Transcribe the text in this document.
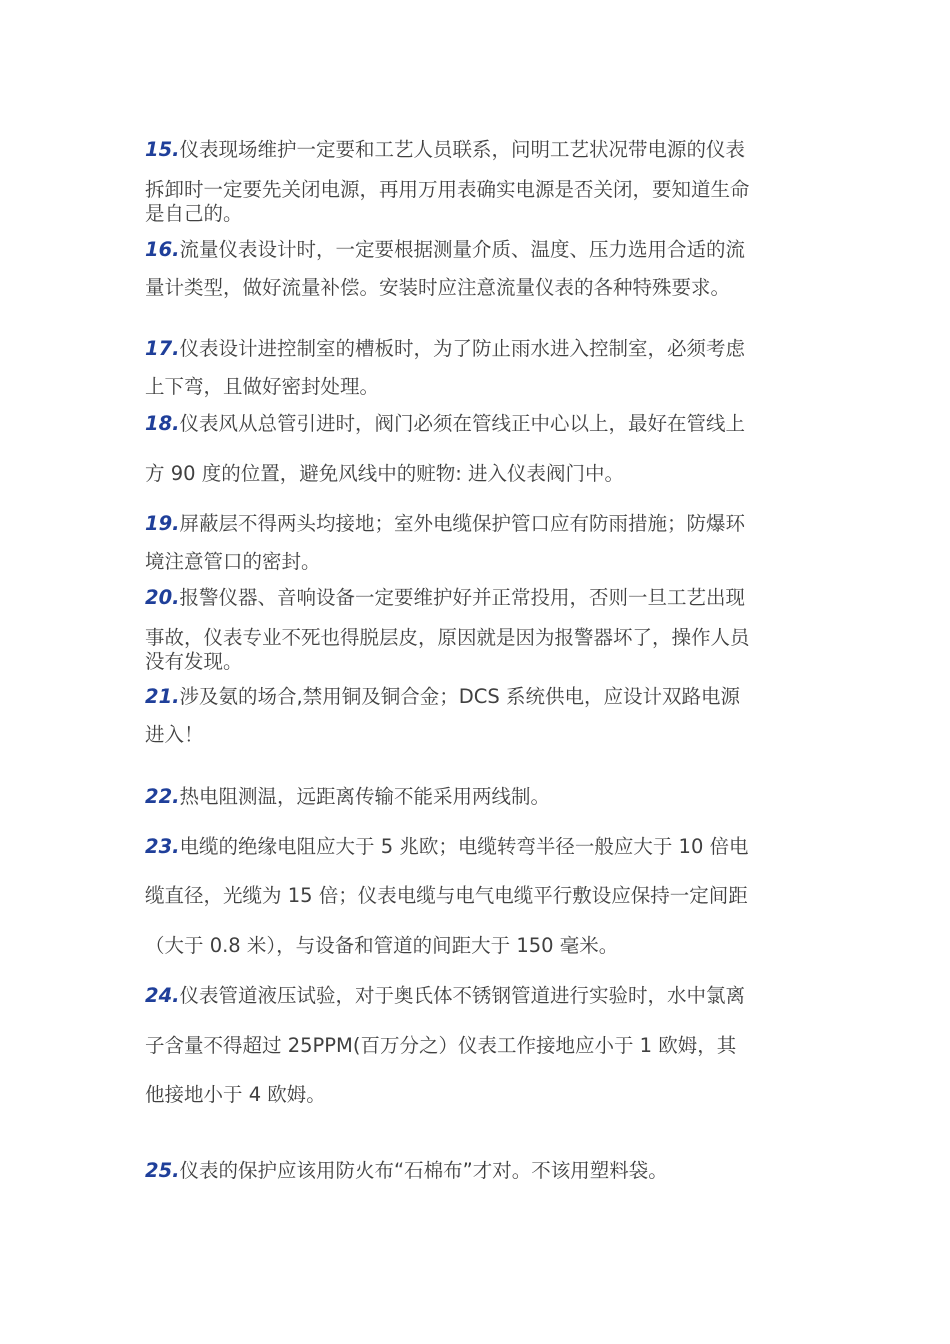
15.仪表现场维护一定要和工艺人员联系，问明工艺状况带电源的仪表
拆卸时一定要先关闭电源，再用万用表确实电源是否关闭，要知道生命
是自己的。
16.流量仪表设计时，一定要根据测量介质、温度、压力选用合适的流
量计类型，做好流量补偿。安装时应注意流量仪表的各种特殊要求。
17.仪表设计进控制室的槽板时，为了防止雨水进入控制室，必须考虑
上下弯，且做好密封处理。
18.仪表风从总管引进时，阀门必须在管线正中心以上，最好在管线上
方 90 度的位置，避免风线中的赃物: 进入仪表阀门中。
19.屏蔽层不得两头均接地；室外电缆保护管口应有防雨措施；防爆环
境注意管口的密封。
20.报警仪器、音响设备一定要维护好并正常投用，否则一旦工艺出现
事故，仪表专业不死也得脱层皮，原因就是因为报警器坏了，操作人员
没有发现。
21.涉及氨的场合,禁用铜及铜合金；DCS 系统供电，应设计双路电源
进入！
22.热电阻测温，远距离传输不能采用两线制。
23.电缆的绝缘电阻应大于 5 兆欧；电缆转弯半径一般应大于 10 倍电
缆直径，光缆为 15 倍；仪表电缆与电气电缆平行敷设应保持一定间距
（大于 0.8 米），与设备和管道的间距大于 150 毫米。
24.仪表管道液压试验，对于奥氏体不锈钢管道进行实验时，水中氯离
子含量不得超过 25PPM(百万分之）仪表工作接地应小于 1 欧姆，其
他接地小于 4 欧姆。
25.仪表的保护应该用防火布“石棉布”才对。不该用塑料袋。
